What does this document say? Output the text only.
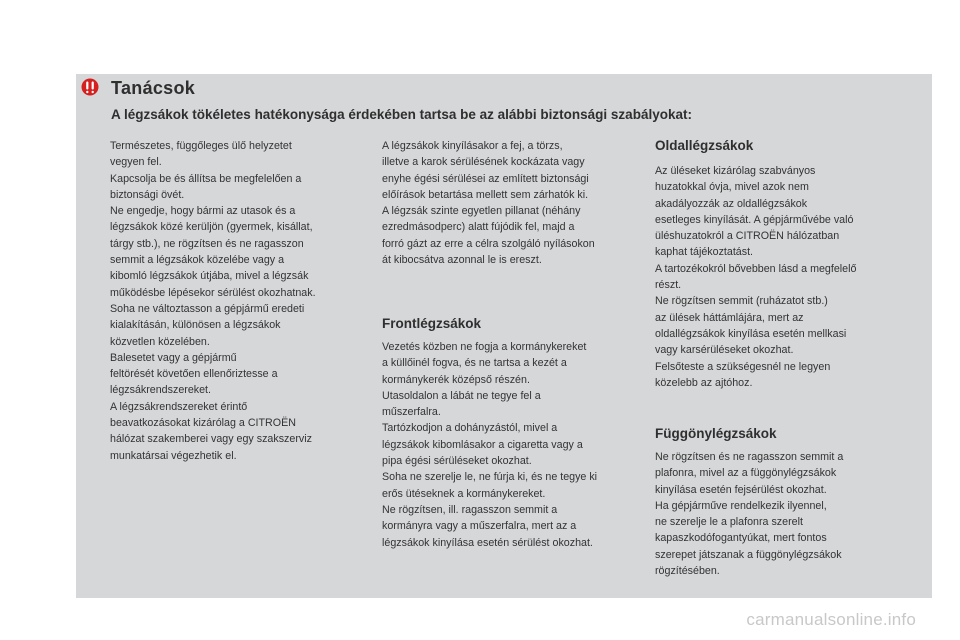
Tanácsok
A légzsákok tökéletes hatékonysága érdekében tartsa be az alábbi biztonsági szabályokat:
Természetes, függőleges ülő helyzetet
vegyen fel.
Kapcsolja be és állítsa be megfelelően a
biztonsági övét.
Ne engedje, hogy bármi az utasok és a
légzsákok közé kerüljön (gyermek, kisállat,
tárgy stb.), ne rögzítsen és ne ragasszon
semmit a légzsákok közelébe vagy a
kibomló légzsákok útjába, mivel a légzsák
működésbe lépésekor sérülést okozhatnak.
Soha ne változtasson a gépjármű eredeti
kialakításán, különösen a légzsákok
közvetlen közelében.
Balesetet vagy a gépjármű
feltörését követően ellenőriztesse a
légzsákrendszereket.
A légzsákrendszereket érintő
beavatkozásokat kizárólag a CITROËN
hálózat szakemberei vagy egy szakszerviz
munkatársai végezhetik el.
A légzsákok kinyílásakor a fej, a törzs,
illetve a karok sérülésének kockázata vagy
enyhe égési sérülései az említett biztonsági
előírások betartása mellett sem zárhatók ki.
A légzsák szinte egyetlen pillanat (néhány
ezredmásodperc) alatt fújódik fel, majd a
forró gázt az erre a célra szolgáló nyílásokon
át kibocsátva azonnal le is ereszt.
Frontlégzsákok
Vezetés közben ne fogja a kormánykereket
a küllőinél fogva, és ne tartsa a kezét a
kormánykerék középső részén.
Utasoldalon a lábát ne tegye fel a
műszerfalra.
Tartózkodjon a dohányzástól, mivel a
légzsákok kibomlásakor a cigaretta vagy a
pipa égési sérüléseket okozhat.
Soha ne szerelje le, ne fúrja ki, és ne tegye ki
erős ütéseknek a kormánykereket.
Ne rögzítsen, ill. ragasszon semmit a
kormányra vagy a műszerfalra, mert az a
légzsákok kinyílása esetén sérülést okozhat.
Oldallégzsákok
Az üléseket kizárólag szabványos
huzatokkal óvja, mivel azok nem
akadályozzák az oldallégzsákok
esetleges kinyílását. A gépjárművébe való
üléshuzatokról a CITROËN hálózatban
kaphat tájékoztatást.
A tartozékokról bővebben lásd a megfelelő
részt.
Ne rögzítsen semmit (ruházatot stb.)
az ülések háttámlájára, mert az
oldallégzsákok kinyílása esetén mellkasi
vagy karsérüléseket okozhat.
Felsőteste a szükségesnél ne legyen
közelebb az ajtóhoz.
Függönylégzsákok
Ne rögzítsen és ne ragasszon semmit a
plafonra, mivel az a függönylégzsákok
kinyílása esetén fejsérülést okozhat.
Ha gépjárműve rendelkezik ilyennel,
ne szerelje le a plafonra szerelt
kapaszkodófogantyúkat, mert fontos
szerepet játszanak a függönylégzsákok
rögzítésében.
carmanualsonline.info
